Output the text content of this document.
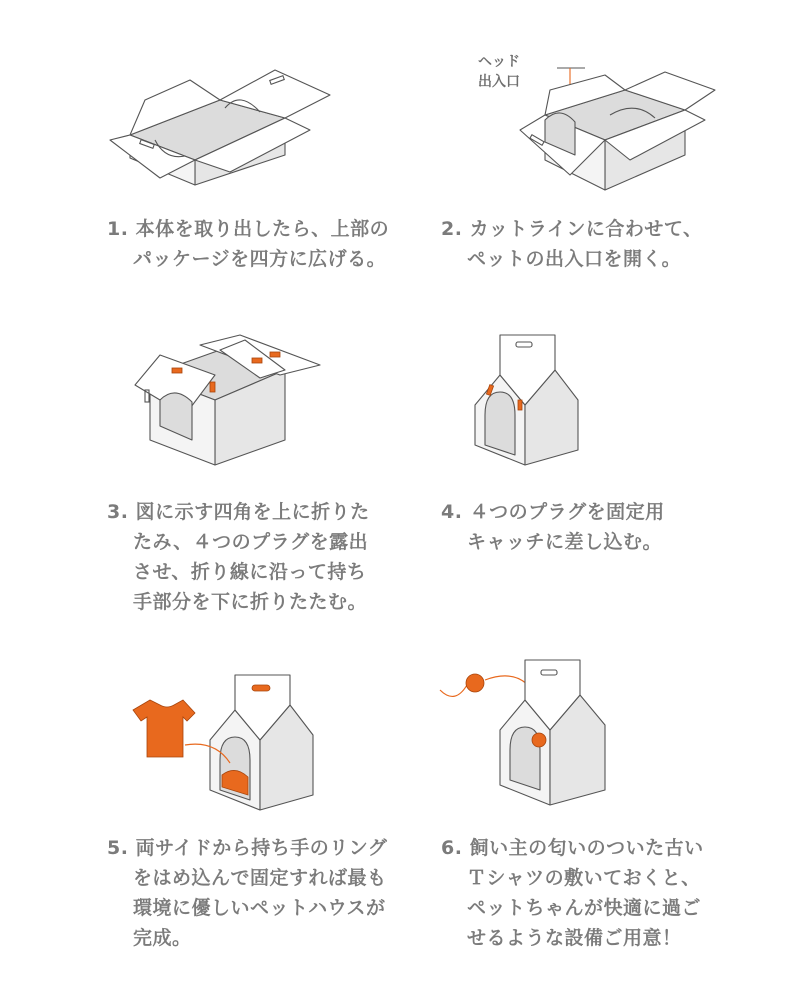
ヘッド
出入口
1. 本体を取り出したら、上部の
パッケージを四方に広げる。
2. カットラインに合わせて、
ペットの出入口を開く。
3. 図に示す四角を上に折りた
たみ、４つのプラグを露出
させ、折り線に沿って持ち
手部分を下に折りたたむ。
4. ４つのプラグを固定用
キャッチに差し込む。
5. 両サイドから持ち手のリング
をはめ込んで固定すれば最も
環境に優しいペットハウスが
完成。
6. 飼い主の匂いのついた古い
Ｔシャツの敷いておくと、
ペットちゃんが快適に過ご
せるような設備ご用意！
